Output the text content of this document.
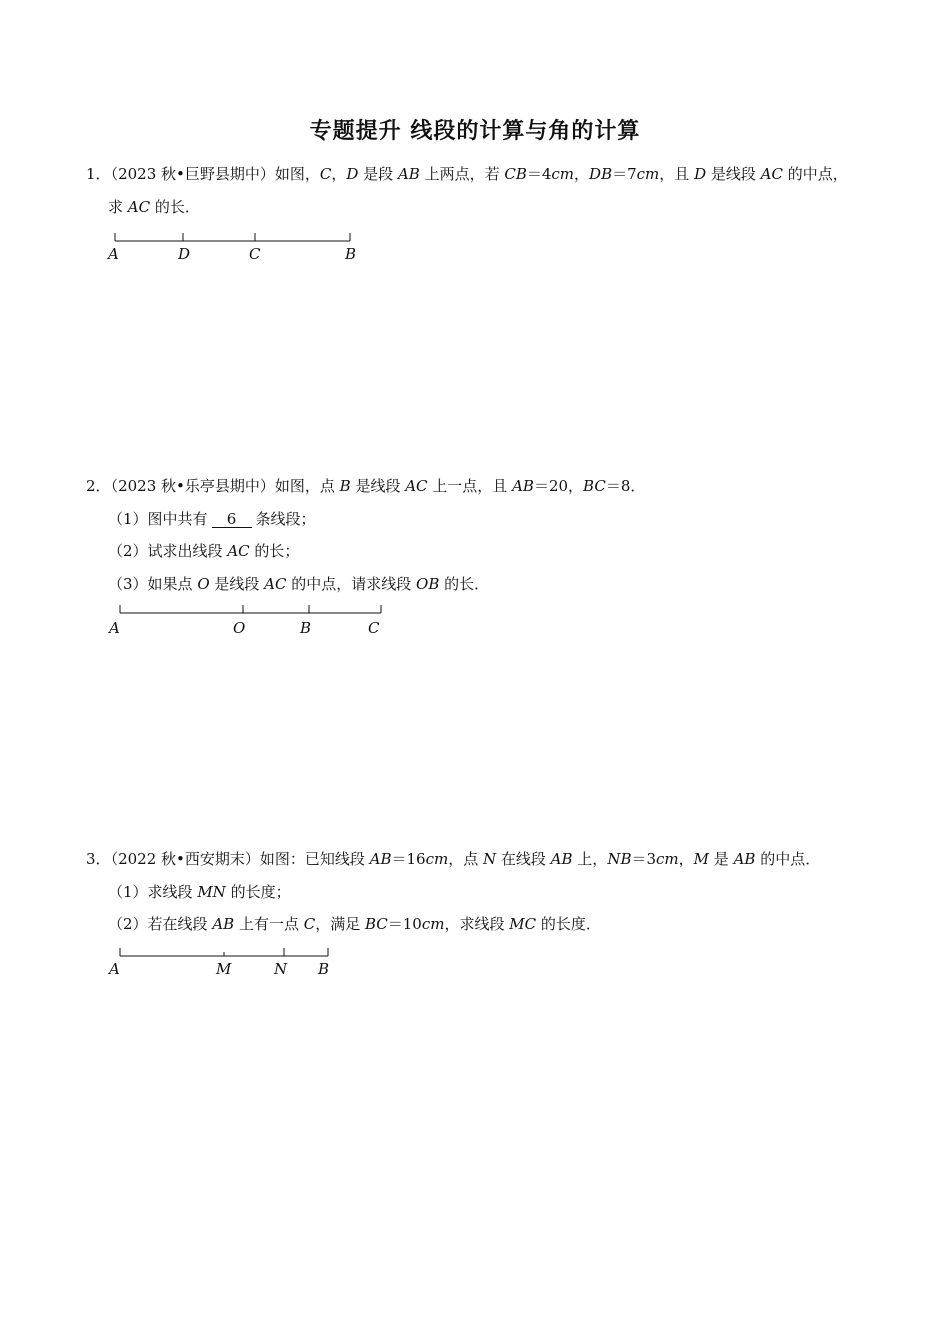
专题提升 线段的计算与角的计算
1．（2023 秋•巨野县期中）如图，C，D 是段 AB 上两点，若 CB＝4cm，DB＝7cm，且 D 是线段 AC 的中点，
求 AC 的长．
A	D	C	B
2．（2023 秋•乐亭县期中）如图，点 B 是线段 AC 上一点，且 AB＝20，BC＝8．
（1）图中共有 6 条线段；
（2）试求出线段 AC 的长；
（3）如果点 O 是线段 AC 的中点，请求线段 OB 的长．
A	O	B	C
3．（2022 秋•西安期末）如图：已知线段 AB＝16cm，点 N 在线段 AB 上，NB＝3cm，M 是 AB 的中点．
（1）求线段 MN 的长度；
（2）若在线段 AB 上有一点 C，满足 BC＝10cm，求线段 MC 的长度．
A	M	N B
